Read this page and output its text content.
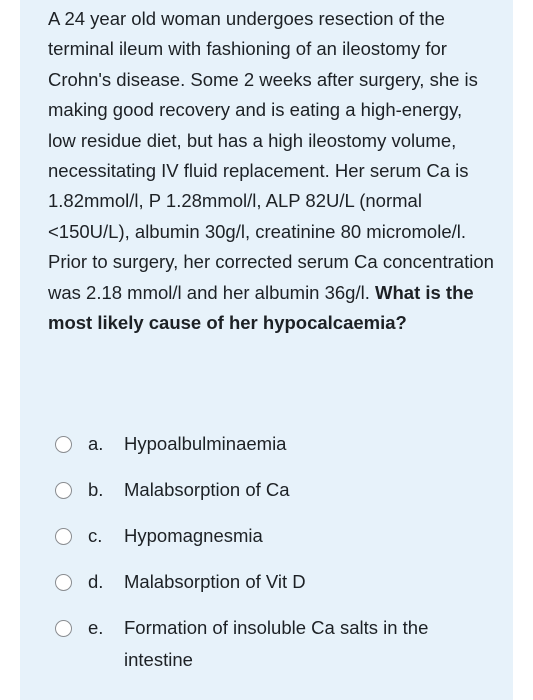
A 24 year old woman undergoes resection of the terminal ileum with fashioning of an ileostomy for Crohn's disease. Some 2 weeks after surgery, she is making good recovery and is eating a high-energy, low residue diet, but has a high ileostomy volume, necessitating IV fluid replacement. Her serum Ca is 1.82mmol/l, P 1.28mmol/l, ALP 82U/L (normal <150U/L), albumin 30g/l, creatinine 80 micromole/l. Prior to surgery, her corrected serum Ca concentration was 2.18 mmol/l and her albumin 36g/l. What is the most likely cause of her hypocalcaemia?

a. Hypoalbulminaemia
b. Malabsorption of Ca
c. Hypomagnesmia
d. Malabsorption of Vit D
e. Formation of insoluble Ca salts in the intestine
